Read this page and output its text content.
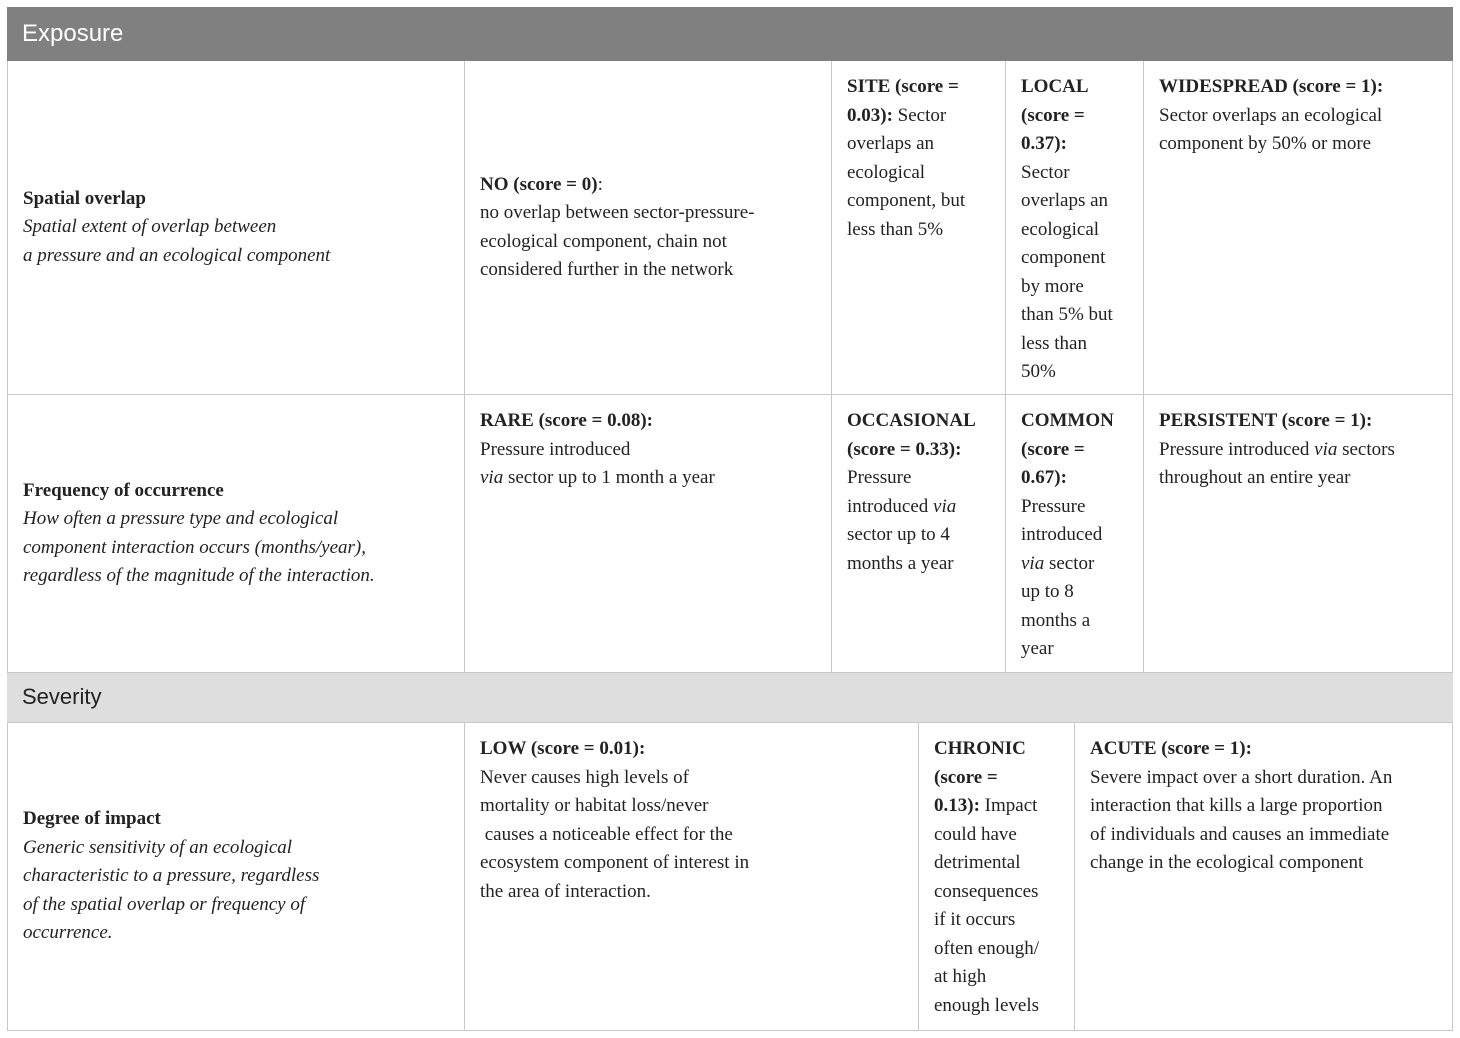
Exposure
Spatial overlap
Spatial extent of overlap between
a pressure and an ecological component
NO (score = 0):
no overlap between sector-pressure-
ecological component, chain not
considered further in the network
SITE (score =
0.03): Sector
overlaps an
ecological
component, but
less than 5%
LOCAL
(score =
0.37):
Sector
overlaps an
ecological
component
by more
than 5% but
less than
50%
WIDESPREAD (score = 1):
Sector overlaps an ecological
component by 50% or more
Frequency of occurrence
How often a pressure type and ecological
component interaction occurs (months/year),
regardless of the magnitude of the interaction.
RARE (score = 0.08):
Pressure introduced
via sector up to 1 month a year
OCCASIONAL
(score = 0.33):
Pressure
introduced via
sector up to 4
months a year
COMMON
(score =
0.67):
Pressure
introduced
via sector
up to 8
months a
year
PERSISTENT (score = 1):
Pressure introduced via sectors
throughout an entire year
Severity
Degree of impact
Generic sensitivity of an ecological
characteristic to a pressure, regardless
of the spatial overlap or frequency of
occurrence.
LOW (score = 0.01):
Never causes high levels of
mortality or habitat loss/never
causes a noticeable effect for the
ecosystem component of interest in
the area of interaction.
CHRONIC
(score =
0.13): Impact
could have
detrimental
consequences
if it occurs
often enough/
at high
enough levels
ACUTE (score = 1):
Severe impact over a short duration. An
interaction that kills a large proportion
of individuals and causes an immediate
change in the ecological component
